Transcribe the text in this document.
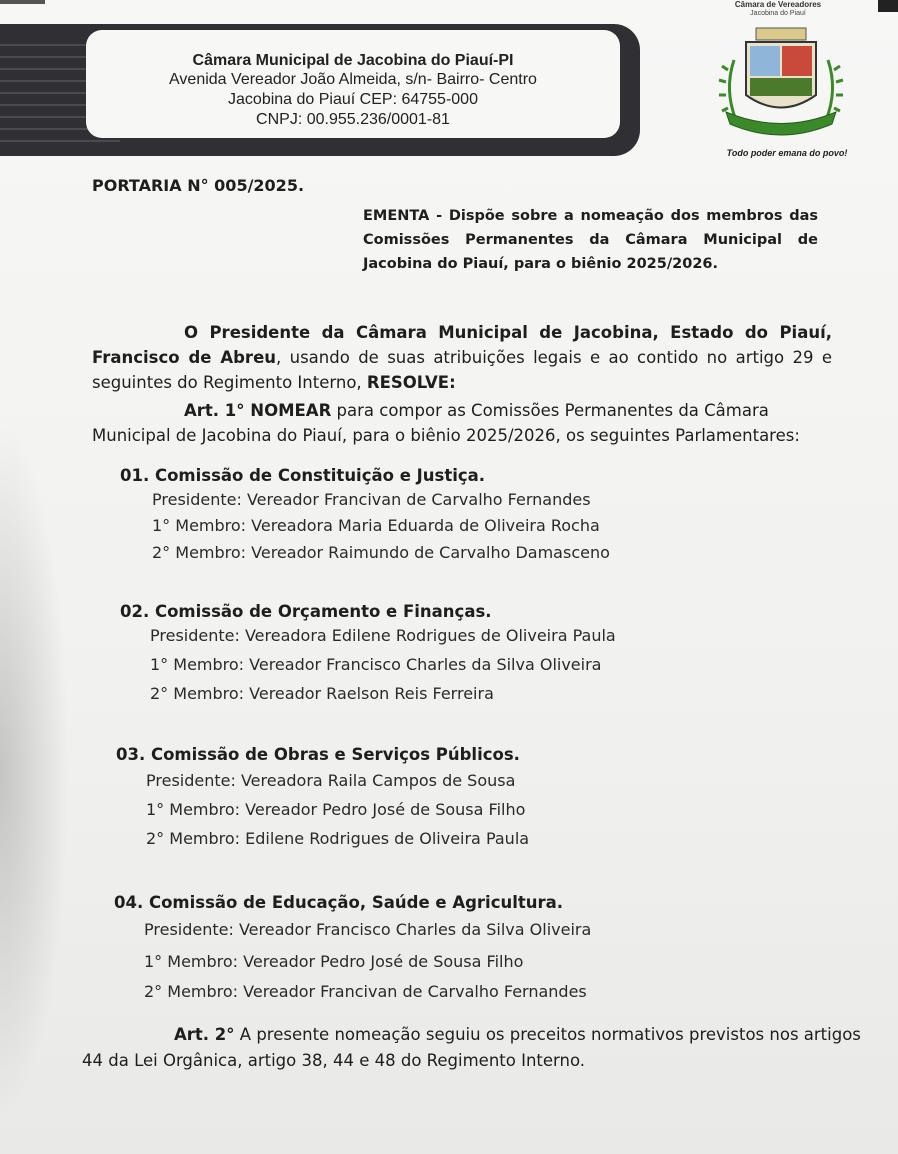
Câmara Municipal de Jacobina do Piauí-PI
Avenida Vereador João Almeida, s/n- Bairro- Centro
Jacobina do Piauí CEP: 64755-000
CNPJ: 00.955.236/0001-81
Câmara de Vereadores
Jacobina do Piauí
Todo poder emana do povo!
PORTARIA N° 005/2025.
EMENTA - Dispõe sobre a nomeação dos membros das Comissões Permanentes da Câmara Municipal de Jacobina do Piauí, para o biênio 2025/2026.
O Presidente da Câmara Municipal de Jacobina, Estado do Piauí, Francisco de Abreu, usando de suas atribuições legais e ao contido no artigo 29 e seguintes do Regimento Interno, RESOLVE:
Art. 1° NOMEAR para compor as Comissões Permanentes da Câmara Municipal de Jacobina do Piauí, para o biênio 2025/2026, os seguintes Parlamentares:
01. Comissão de Constituição e Justiça.
Presidente: Vereador Francivan de Carvalho Fernandes
1° Membro: Vereadora Maria Eduarda de Oliveira Rocha
2° Membro: Vereador Raimundo de Carvalho Damasceno
02. Comissão de Orçamento e Finanças.
Presidente: Vereadora Edilene Rodrigues de Oliveira Paula
1° Membro: Vereador Francisco Charles da Silva Oliveira
2° Membro: Vereador Raelson Reis Ferreira
03. Comissão de Obras e Serviços Públicos.
Presidente: Vereadora Raila Campos de Sousa
1° Membro: Vereador Pedro José de Sousa Filho
2° Membro: Edilene Rodrigues de Oliveira Paula
04. Comissão de Educação, Saúde e Agricultura.
Presidente: Vereador Francisco Charles da Silva Oliveira
1° Membro: Vereador Pedro José de Sousa Filho
2° Membro: Vereador Francivan de Carvalho Fernandes
Art. 2° A presente nomeação seguiu os preceitos normativos previstos nos artigos 44 da Lei Orgânica, artigo 38, 44 e 48 do Regimento Interno.
